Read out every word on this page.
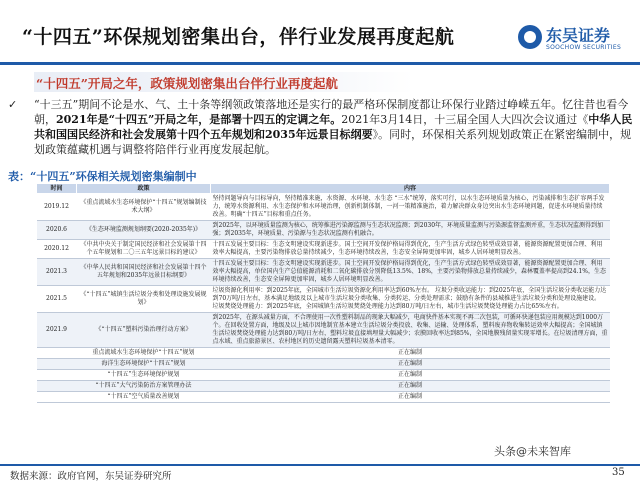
“十四五”环保规划密集出台，伴行业发展再度起航	东吴证券
SOOCHOW SECURITIES
“十四五”开局之年，政策规划密集出台伴行业再度起航
✓ “十三五”期间不论是水、气、土十条等纲领政策落地还是实行的最严格环保制度都让环保行业踏过峥嵘五年。忆往昔也看今朝，2021年是“十四五”开局之年，是部署十四五的定调之年。2021年3月14日，十三届全国人大四次会议通过《中华人民共和国国民经济和社会发展第十四个五年规划和2035年远景目标纲要》。同时，环保相关系列规划政策正在紧密编制中，规划政策蕴藏机遇与调整将陪伴行业再度发展起航。
表：“十四五”环保相关规划密集编制中
时间	政策	内容
2019.12	《重点流域水生态环境保护“十四五”规划编制技术大纲》	坚持问题导向与目标导向，坚持精准来施，水资源、水环境、水生态 “三水”统筹，落实可行，以水生态环境质量为核心，污染减排和生态扩容两手发力，统筹水资源利用、水生态保护和水环境治理，创新机制体制，一河一策精准施治，着力解决群众身边突出水生态环境问题，促进水环境质量持续改善。明确“十四五”目标和重点任务。
2020.6	《生态环境监测规划纲要(2020-2035年)》	到2025年，以环境质量监测为核心，统筹推进污染源监测与生态状况监测；到2030年，环境质量监测与污染源监督监测并重，生态状况监测得到加强；到2035年，环境质量、污染源与生态状况监测有机融合。
2020.12	《中共中央关于制定国民经济和社会发展第十四个五年规划和二〇三五年远景目标的建议》	十四五发展主要目标：生态文明建设实现新进步。国土空间开发保护格局得到优化，生产生活方式绿色转型成效显著，能源资源配置更加合理、利用效率大幅提高，主要污染物排放总量持续减少，生态环境持续改善，生态安全屏障更加牢固，城乡人居环境明显改善。
2021.3	《中华人民共和国国民经济和社会发展第十四个五年规划和2035年远景目标纲要》	十四五发展主要目标：生态文明建设实现新进步。国土空间开发保护格局得到优化，生产生活方式绿色转型成效显著，能源资源配置更加合理、利用效率大幅提高，单位国内生产总值能源消耗和二氧化碳排放分别降低13.5%、18%，主要污染物排放总量持续减少，森林覆盖率提高到24.1%，生态环境持续改善，生态安全屏障更加牢固，城乡人居环境明显改善。
2021.5	《“十四五”城镇生活垃圾分类和处理设施发展规划》	垃圾资源化利用率：到2025年底，全国城市生活垃圾资源化利用率达到60%左右。 垃圾分类收运能力：到2025年底，全国生活垃圾分类收运能力达到70万吨/日左右，基本满足地级及以上城市生活垃圾分类收集、分类转运、分类处理需求；鼓励有条件的县城推进生活垃圾分类和处理设施建设。 垃圾焚烧处理能力：到2025年底，全国城镇生活垃圾焚烧处理能力达到80万吨/日左右，城市生活垃圾焚烧处理能力占比65%左右。
2021.9	《“十四五”塑料污染治理行动方案》	到2025年，在源头减量方面，不合理使用一次性塑料制品的现象大幅减少，电商快件基本实现不再二次包装，可循环快递包装应用规模达到1000万个。在回收处置方面，地级及以上城市因地制宜基本建立生活垃圾分类投放、收集、运输、处理体系，塑料废弃物收集转运效率大幅提高；全国城镇生活垃圾焚烧处理能力达到80万吨/日左右，塑料垃圾直接填埋量大幅减少；农膜回收率达到85%，全国地膜残留量实现零增长。在垃圾清理方面，重点水域、重点旅游景区、农村地区的历史遗留露天塑料垃圾基本清零。
	重点流域水生态环境保护“十四五”规划	正在编制
	海洋生态环境保护“十四五”规划	正在编制
	“十四五”生态环境保护规划	正在编制
	“十四五”大气污染防治方案管理办法	正在编制
	“十四五”空气质量改善规划	正在编制
数据来源：政府官网，东吴证券研究所
头条@未来智库
35
